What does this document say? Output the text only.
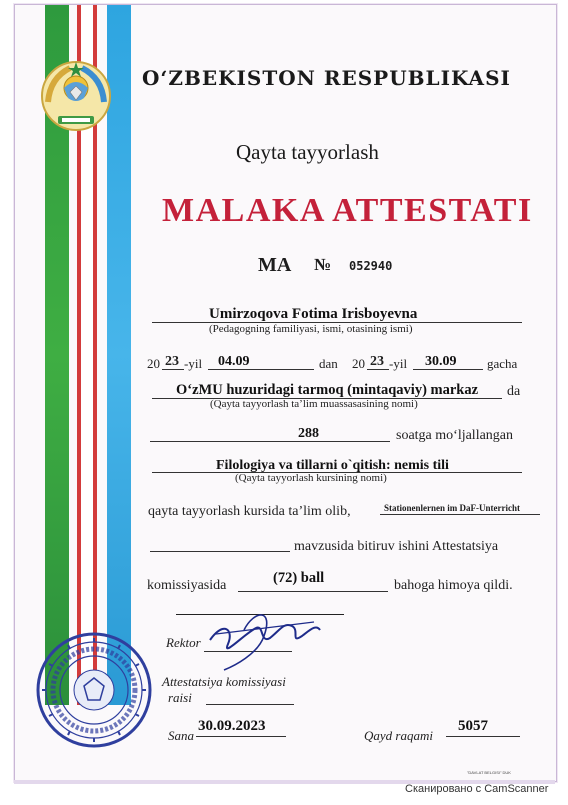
O‘ZBEKISTON RESPUBLIKASI
Qayta tayyorlash
MALAKA ATTESTATI
MA № 052940
Umirzoqova Fotima Irisboyevna
(Pedagogning familiyasi, ismi, otasining ismi)
20 23 -yil 04.09	dan 20 23 -yil 30.09 gacha
O‘zMU huzuridagi tarmoq (mintaqaviy) markaz da
(Qayta tayyorlash ta’lim muassasasining nomi)
288	soatga mo‘ljallangan
Filologiya va tillarni o`qitish: nemis tili
(Qayta tayyorlash kursining nomi)
qayta tayyorlash kursida ta’lim olib,	Stationenlernen im DaF-Unterricht
mavzusida bitiruv ishini Attestatsiya
komissiyasida	(72) ball	bahoga himoya qildi.
Rektor
Attestatsiya komissiyasi
raisi
Sana
30.09.2023
Qayd raqami
5057
"DAVLAT BELGISI" DUK
Сканировано с CamScanner
